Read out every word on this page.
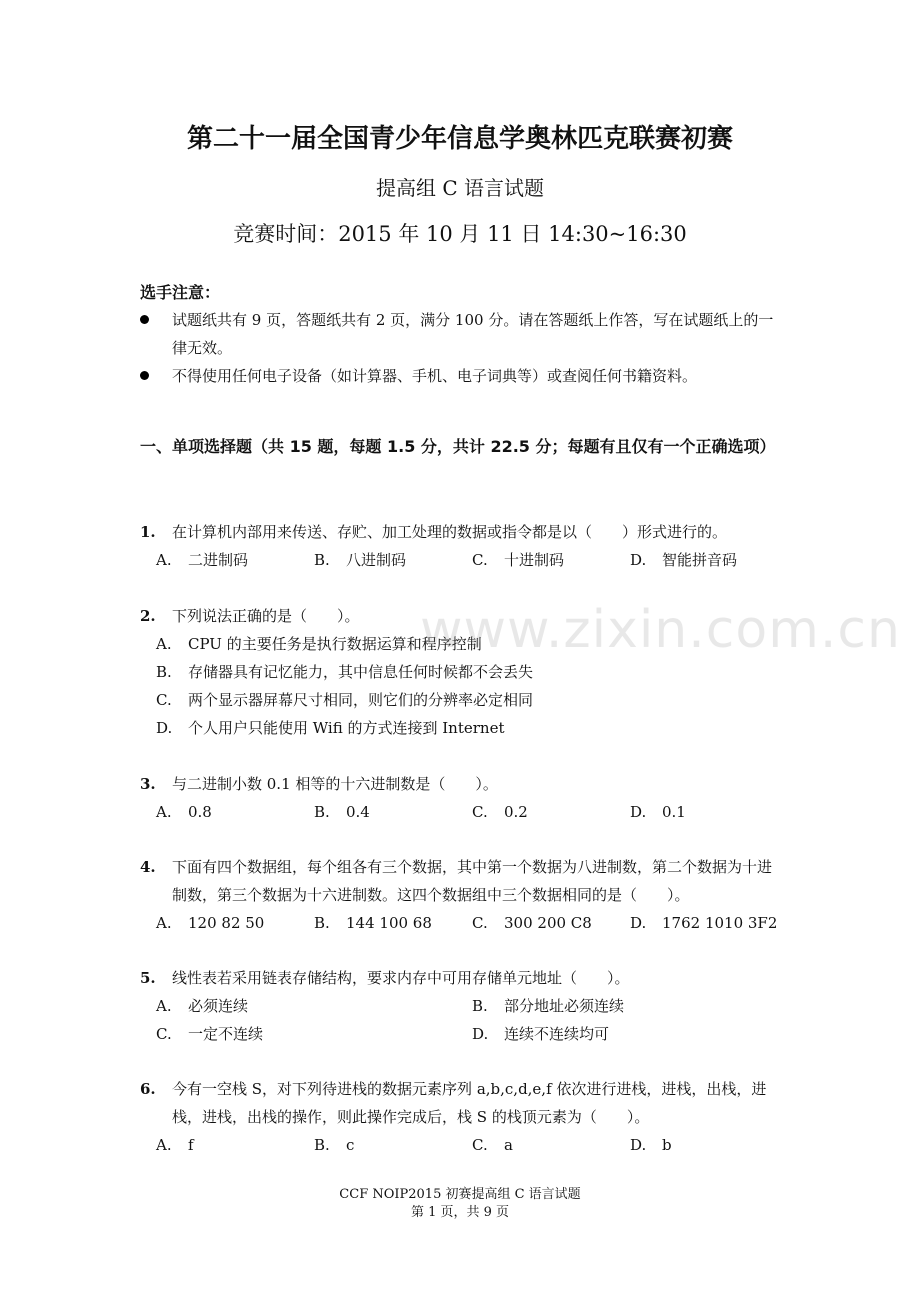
第二十一届全国青少年信息学奥林匹克联赛初赛
提高组 C 语言试题
竞赛时间：2015 年 10 月 11 日 14:30~16:30
选手注意：
试题纸共有 9 页，答题纸共有 2 页，满分 100 分。请在答题纸上作答，写在试题纸上的一律无效。
不得使用任何电子设备（如计算器、手机、电子词典等）或查阅任何书籍资料。
一、单项选择题（共 15 题，每题 1.5 分，共计 22.5 分；每题有且仅有一个正确选项）
1. 在计算机内部用来传送、存贮、加工处理的数据或指令都是以（　　）形式进行的。
A. 二进制码	B. 八进制码	C. 十进制码	D. 智能拼音码
2. 下列说法正确的是（　　）。
A. CPU 的主要任务是执行数据运算和程序控制
B. 存储器具有记忆能力，其中信息任何时候都不会丢失
C. 两个显示器屏幕尺寸相同，则它们的分辨率必定相同
D. 个人用户只能使用 Wifi 的方式连接到 Internet
3. 与二进制小数 0.1 相等的十六进制数是（　　）。
A. 0.8	B. 0.4	C. 0.2	D. 0.1
4. 下面有四个数据组，每个组各有三个数据，其中第一个数据为八进制数，第二个数据为十进制数，第三个数据为十六进制数。这四个数据组中三个数据相同的是（　　）。
A. 120 82 50	B. 144 100 68	C. 300 200 C8	D. 1762 1010 3F2
5. 线性表若采用链表存储结构，要求内存中可用存储单元地址（　　）。
A. 必须连续	B. 部分地址必须连续
C. 一定不连续	D. 连续不连续均可
6. 今有一空栈 S，对下列待进栈的数据元素序列 a,b,c,d,e,f 依次进行进栈，进栈，出栈，进栈，进栈，出栈的操作，则此操作完成后，栈 S 的栈顶元素为（　　）。
A. f	B. c	C. a	D. b
www.zixin.com.cn
CCF NOIP2015 初赛提高组 C 语言试题
第 1 页，共 9 页
